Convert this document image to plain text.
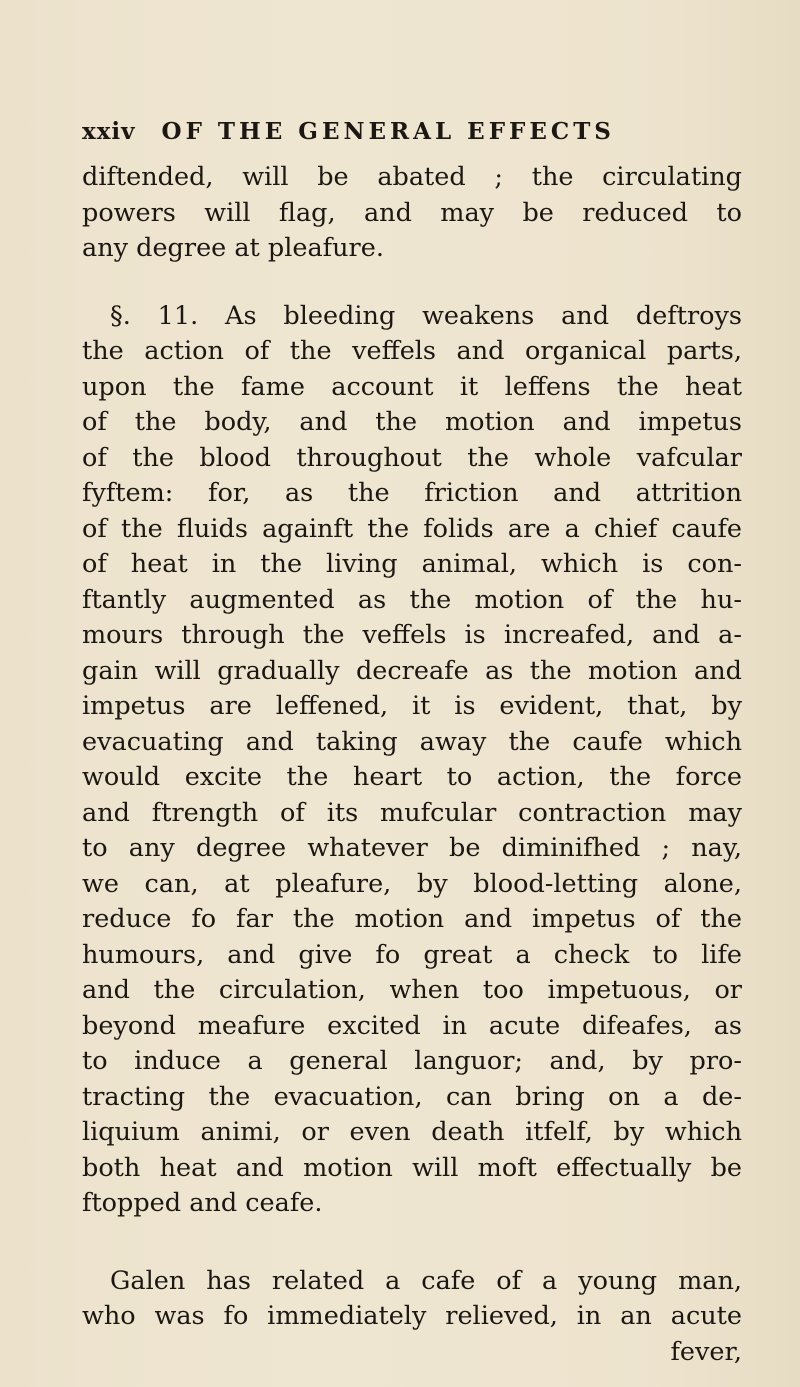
xxiv OF THE GENERAL EFFECTS
diftended, will be abated ; the circulating
powers will flag, and may be reduced to
any degree at pleafure.
§. 11. As bleeding weakens and deftroys
the action of the veffels and organical parts,
upon the fame account it leffens the heat
of the body, and the motion and impetus
of the blood throughout the whole vafcular
fyftem: for, as the friction and attrition
of the fluids againft the folids are a chief caufe
of heat in the living animal, which is con-
ftantly augmented as the motion of the hu-
mours through the veffels is increafed, and a-
gain will gradually decreafe as the motion and
impetus are leffened, it is evident, that, by
evacuating and taking away the caufe which
would excite the heart to action, the force
and ftrength of its mufcular contraction may
to any degree whatever be diminifhed ; nay,
we can, at pleafure, by blood-letting alone,
reduce fo far the motion and impetus of the
humours, and give fo great a check to life
and the circulation, when too impetuous, or
beyond meafure excited in acute difeafes, as
to induce a general languor; and, by pro-
tracting the evacuation, can bring on a de-
liquium animi, or even death itfelf, by which
both heat and motion will moft effectually be
ftopped and ceafe.
Galen has related a cafe of a young man,
who was fo immediately relieved, in an acute
fever,
